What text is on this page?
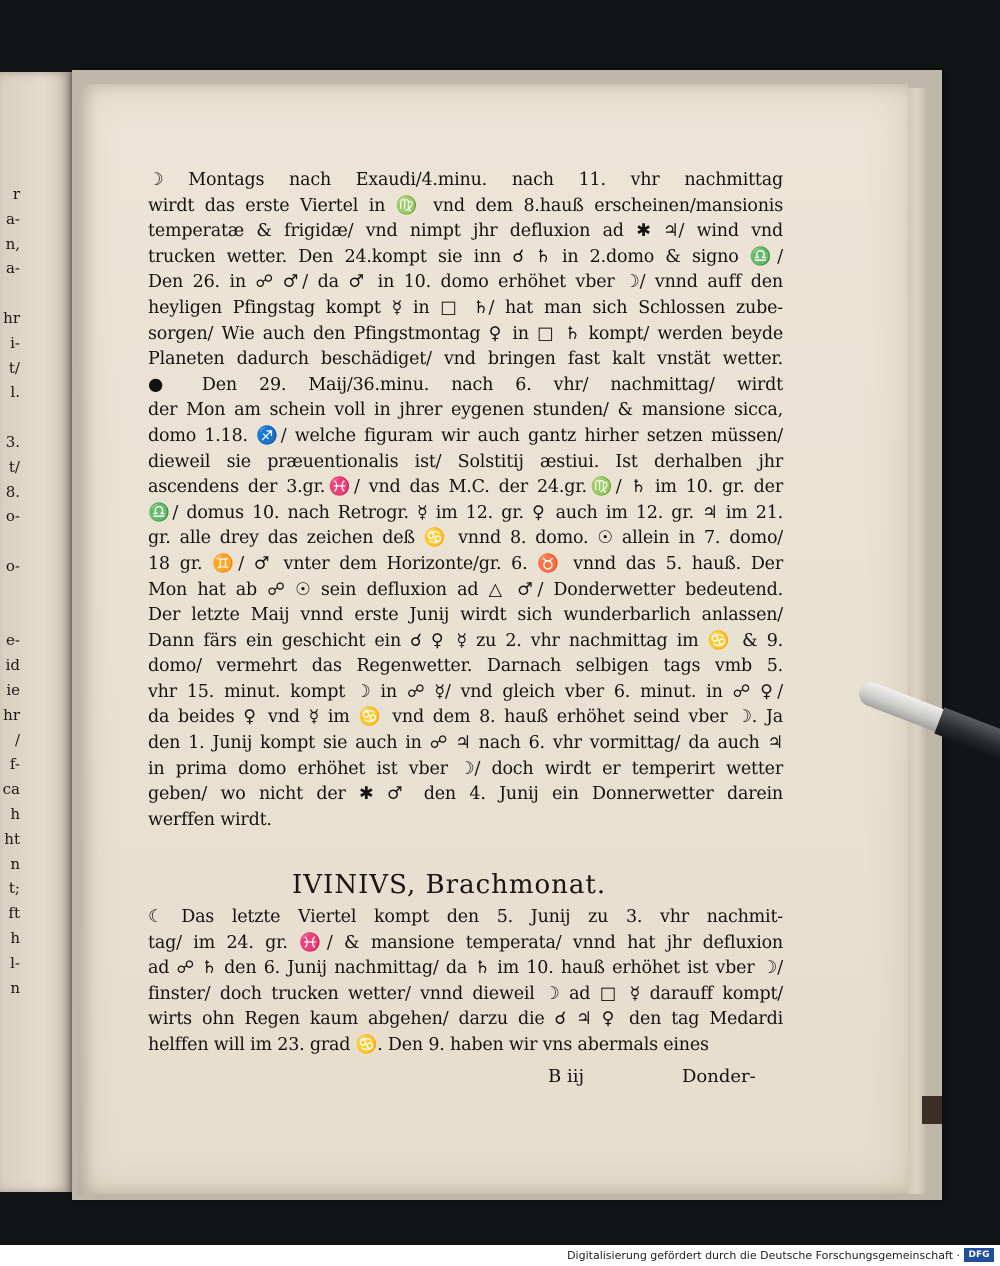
r
a-
n,
a-
hr
i-
t/
l.
3.
t/
8.
o-
o-
e-
id
ie
hr
/
f-
ca
h
ht
n
t;
ft
h
l-
n
☽ Montags nach Exaudi/4.minu. nach 11. vhr nachmittag
wirdt das erste Viertel in ♍ vnd dem 8.hauß erscheinen/mansionis
temperatæ & frigidæ/ vnd nimpt jhr defluxion ad ✱ ♃/ wind vnd
trucken wetter. Den 24.kompt sie inn ☌ ♄ in 2.domo & signo ♎/
Den 26. in ☍ ♂/ da ♂ in 10. domo erhöhet vber ☽/ vnnd auff den
heyligen Pfingstag kompt ☿ in □ ♄/ hat man sich Schlossen zube-
sorgen/ Wie auch den Pfingstmontag ♀ in □ ♄ kompt/ werden beyde
Planeten dadurch beschädiget/ vnd bringen fast kalt vnstät wetter.
● Den 29. Maij/36.minu. nach 6. vhr/ nachmittag/ wirdt
der Mon am schein voll in jhrer eygenen stunden/ & mansione sicca,
domo 1.18. ♐/ welche figuram wir auch gantz hirher setzen müssen/
dieweil sie præuentionalis ist/ Solstitij æstiui. Ist derhalben jhr
ascendens der 3.gr.♓/ vnd das M.C. der 24.gr.♍/ ♄ im 10. gr. der
♎/ domus 10. nach Retrogr. ☿ im 12. gr. ♀ auch im 12. gr. ♃ im 21.
gr. alle drey das zeichen deß ♋ vnnd 8. domo. ☉ allein in 7. domo/
18 gr. ♊/ ♂ vnter dem Horizonte/gr. 6. ♉ vnnd das 5. hauß. Der
Mon hat ab ☍ ☉ sein defluxion ad △ ♂/ Donderwetter bedeutend.
Der letzte Maij vnnd erste Junij wirdt sich wunderbarlich anlassen/
Dann färs ein geschicht ein ☌ ♀ ☿ zu 2. vhr nachmittag im ♋ & 9.
domo/ vermehrt das Regenwetter. Darnach selbigen tags vmb 5.
vhr 15. minut. kompt ☽ in ☍ ☿/ vnd gleich vber 6. minut. in ☍ ♀/
da beides ♀ vnd ☿ im ♋ vnd dem 8. hauß erhöhet seind vber ☽. Ja
den 1. Junij kompt sie auch in ☍ ♃ nach 6. vhr vormittag/ da auch ♃
in prima domo erhöhet ist vber ☽/ doch wirdt er temperirt wetter
geben/ wo nicht der ✱ ♂ den 4. Junij ein Donnerwetter darein
werffen wirdt.
IVINIVS, Brachmonat.
☾ Das letzte Viertel kompt den 5. Junij zu 3. vhr nachmit-
tag/ im 24. gr. ♓/ & mansione temperata/ vnnd hat jhr defluxion
ad ☍ ♄ den 6. Junij nachmittag/ da ♄ im 10. hauß erhöhet ist vber ☽/
finster/ doch trucken wetter/ vnnd dieweil ☽ ad □ ☿ darauff kompt/
wirts ohn Regen kaum abgehen/ darzu die ☌ ♃ ♀ den tag Medardi
helffen will im 23. grad ♋. Den 9. haben wir vns abermals eines
B iij	Donder-
Digitalisierung gefördert durch die Deutsche Forschungsgemeinschaft · DFG
